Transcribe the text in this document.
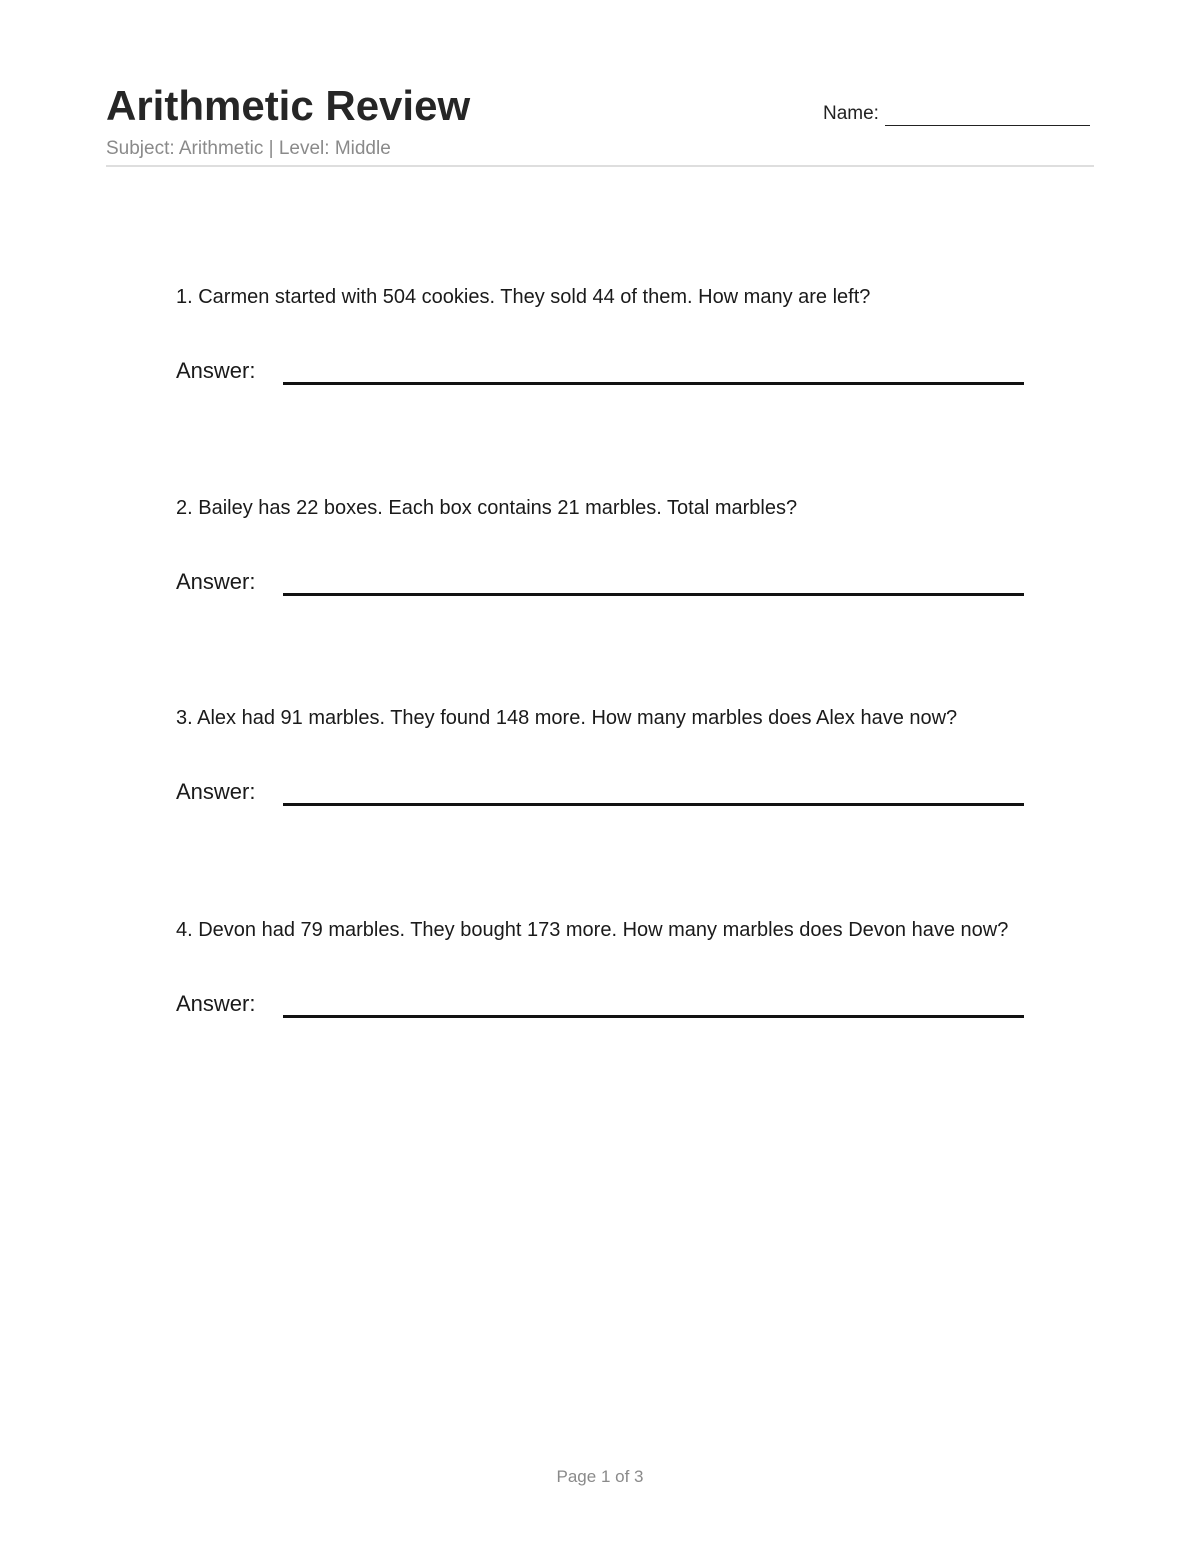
Arithmetic Review
Subject: Arithmetic | Level: Middle
Name:
1. Carmen started with 504 cookies. They sold 44 of them. How many are left?
Answer:
2. Bailey has 22 boxes. Each box contains 21 marbles. Total marbles?
Answer:
3. Alex had 91 marbles. They found 148 more. How many marbles does Alex have now?
Answer:
4. Devon had 79 marbles. They bought 173 more. How many marbles does Devon have now?
Answer:
Page 1 of 3
